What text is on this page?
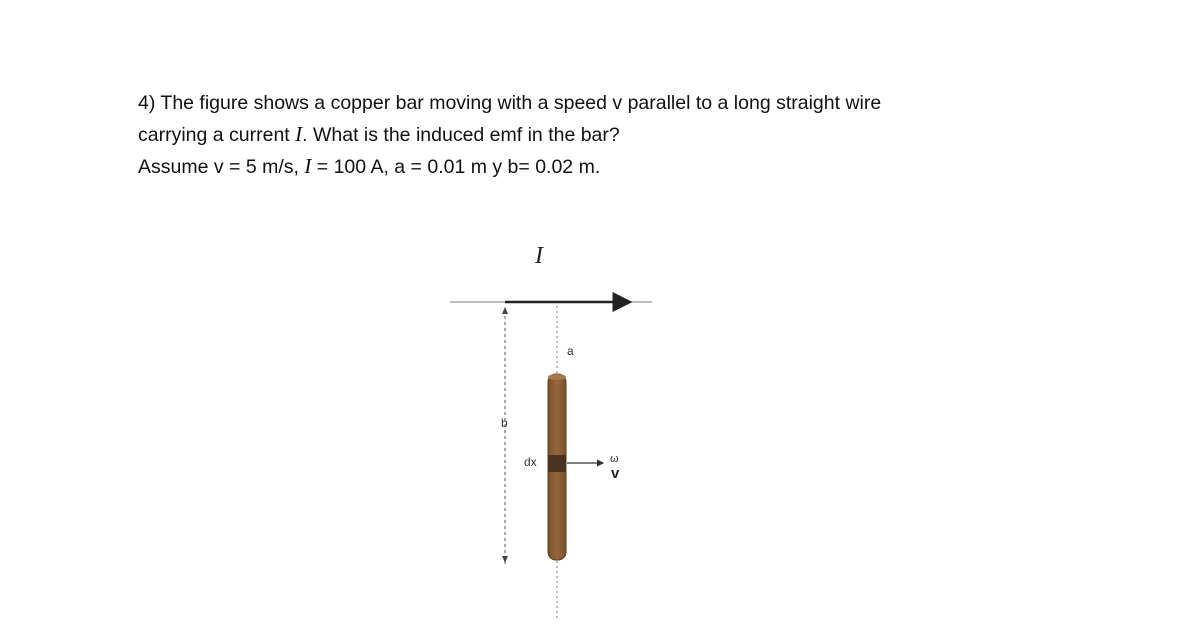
4) The figure shows a copper bar moving with a speed v parallel to a long straight wire
carrying a current I. What is the induced emf in the bar?
Assume v = 5 m/s, I = 100 A, a = 0.01 m y b= 0.02 m.
I
b
a
dx	ω
v
